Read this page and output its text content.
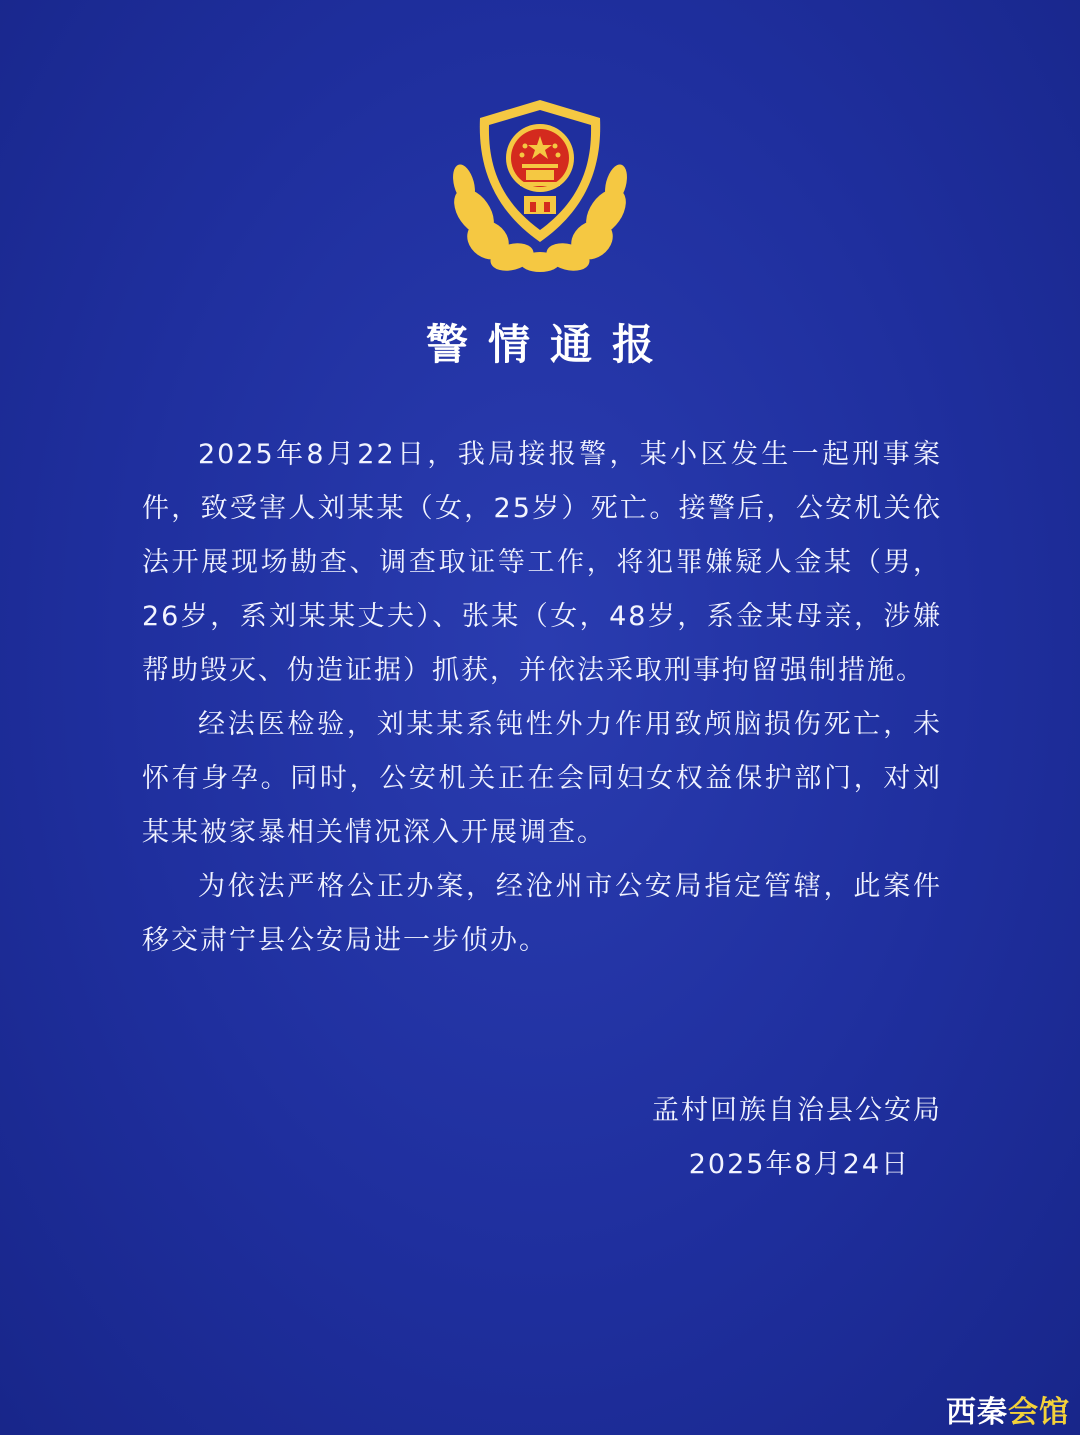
警情通报

2025年8月22日，我局接报警，某小区发生一起刑事案件，致受害人刘某某（女，25岁）死亡。接警后，公安机关依法开展现场勘查、调查取证等工作，将犯罪嫌疑人金某（男，26岁，系刘某某丈夫）、张某（女，48岁，系金某母亲，涉嫌帮助毁灭、伪造证据）抓获，并依法采取刑事拘留强制措施。

经法医检验，刘某某系钝性外力作用致颅脑损伤死亡，未怀有身孕。同时，公安机关正在会同妇女权益保护部门，对刘某某被家暴相关情况深入开展调查。

为依法严格公正办案，经沧州市公安局指定管辖，此案件移交肃宁县公安局进一步侦办。

孟村回族自治县公安局
2025年8月24日
西秦会馆
